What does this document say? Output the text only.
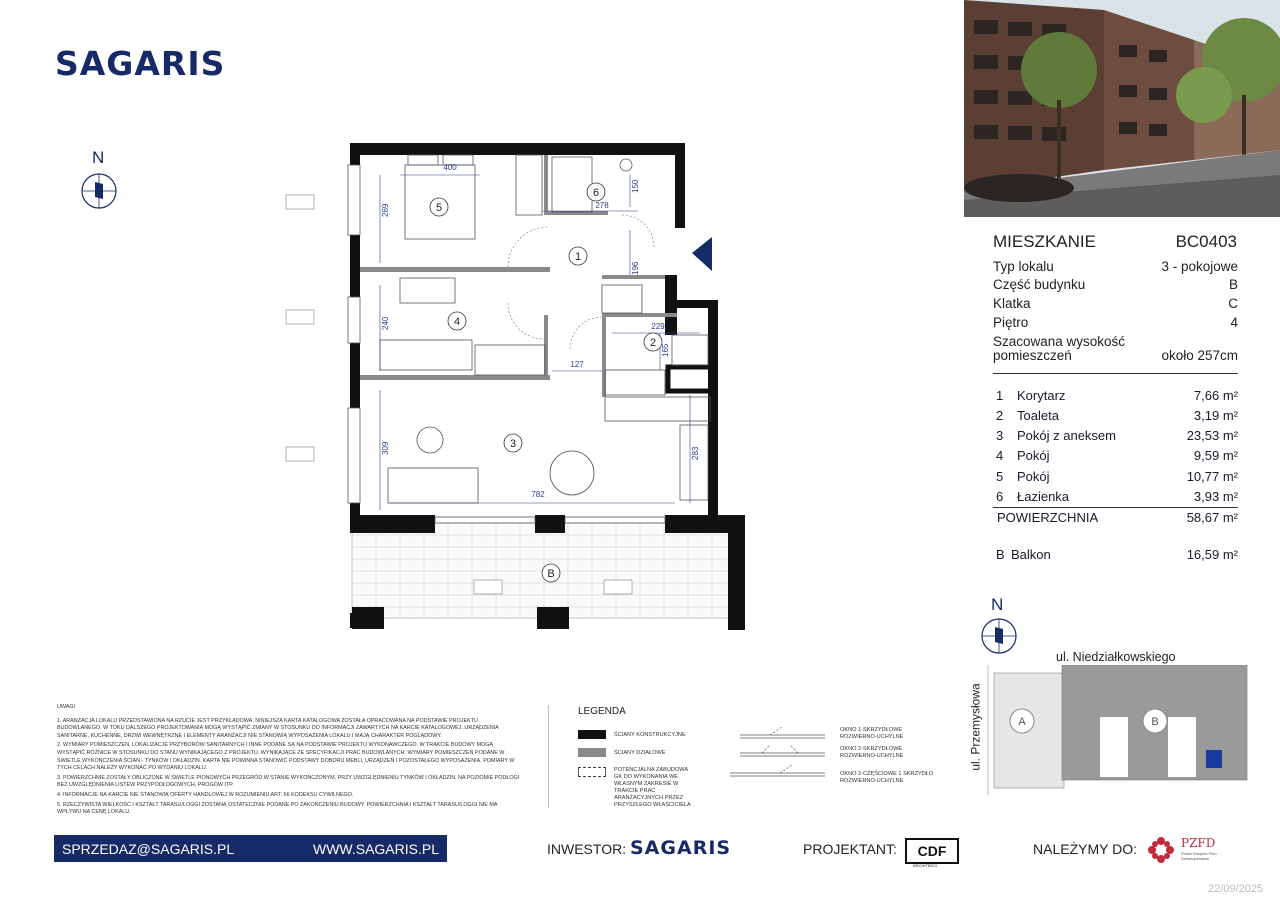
SAGARIS
N
400
269
240
309
278
150
196
229
165
127
283
782
1
2
3
4
5
6
B
MIESZKANIE	BC0403
Typ lokalu	3 - pokojowe
Część budynku	B
Klatka	C
Piętro	4
Szacowana wysokość
pomieszczeń	około 257cm
1 Korytarz	7,66 m²
2 Toaleta	3,19 m²
3 Pokój z aneksem	23,53 m²
4 Pokój	9,59 m²
5 Pokój	10,77 m²
6 Łazienka	3,93 m²
POWIERZCHNIA	58,67 m²
B Balkon	16,59 m²
N
ul. Niedziałkowskiego
ul. Przemysłowa	A	B
UWAGI
1. ARANŻACJA LOKALU PRZEDSTAWIONA NA RZUCIE JEST PRZYKŁADOWA. NINIEJSZA KARTA KATALOGOWA ZOSTAŁA OPRACOWANA NA PODSTAWIE PROJEKTU BUDOWLANEGO. W TOKU DALSZEGO PROJEKTOWANIA MOGĄ WYSTĄPIĆ ZMIANY W STOSUNKU DO INFORMACJI ZAWARTYCH NA KARCIE KATALOGOWEJ. URZĄDZENIA SANITARNE, KUCHENNE, DRZWI WEWNĘTRZNE I ELEMENTY ARANŻACJI NIE STANOWIĄ WYPOSAŻENIA LOKALU I MAJĄ CHARAKTER POGLĄDOWY.
2. WYMIARY POMIESZCZEŃ, LOKALIZACJE PRZYBORÓW SANITARNYCH I INNE PODANE SĄ NA PODSTAWIE PROJEKTU WYKONAWCZEGO. W TRAKCIE BUDOWY MOGĄ WYSTĄPIĆ RÓŻNICE W STOSUNKU DO STANU WYNIKAJĄCEGO Z PROJEKTU, WYNIKAJĄCE ZE SPECYFIKACJI PRAC BUDOWLANYCH. WYMIARY POMIESZCZEŃ PODANE W ŚWIETLE WYKOŃCZENIA ŚCIAN - TYNKÓW I OKŁADZIN. KARTA NIE POWINNA STANOWIĆ PODSTAWY DOBORU MEBLI, URZĄDZEŃ I POZOSTAŁEGO WYPOSAŻENIA. POMIARY W TYCH CELACH NALEŻY WYKONAĆ PO WYDANIU LOKALU.
3. POWIERZCHNIE ZOSTAŁY OBLICZONE W ŚWIETLE PIONOWYCH PRZEGRÓD W STANIE WYKOŃCZONYM, PRZY UWZGLĘDNIENIU TYNKÓW I OKŁADZIN, NA POZIOMIE PODŁOGI BEZ UWZGLĘDNIENIA LISTEW PRZYPODŁOGOWYCH, PROGÓW ITP.
4. INFORMACJE NA KARCIE NIE STANOWIĄ OFERTY HANDLOWEJ W ROZUMIENIU ART. 66 KODEKSU CYWILNEGO.
5. RZECZYWISTA WIELKOŚĆ I KSZTAŁT TARASU/LOGGI ZOSTANĄ OSTATECZNIE PODANE PO ZAKOŃCZENIU BUDOWY. POWIERZCHNIA I KSZTAŁT TARASU/LOGGI NIE MA WPŁYWU NA CENĘ LOKALU.
LEGENDA
ŚCIANY KONSTRUKCYJNE
ŚCIANY DZIAŁOWE
POTENCJALNA ZABUDOWA GK DO WYKONANIA WE WŁASNYM ZAKRESIE W TRAKCIE PRAC ARANŻACYJNYCH PRZEZ PRZYSZŁEGO WŁAŚCICIELA
OKNO 1-SKRZYDŁOWE ROZWIERNO-UCHYLNE
OKNO 2-SKRZYDŁOWE ROZWIERNO-UCHYLNE
OKNO 2-CZĘŚCIOWE 1 SKRZYDŁO ROZWIERNO-UCHYLNE
SPRZEDAZ@SAGARIS.PL	WWW.SAGARIS.PL	INWESTOR: SAGARIS	PROJEKTANT:	CDF
ARCHITEKCI
NALEŻYMY DO:	PZFD
Polski Związek Firm Deweloperskich
22/09/2025
